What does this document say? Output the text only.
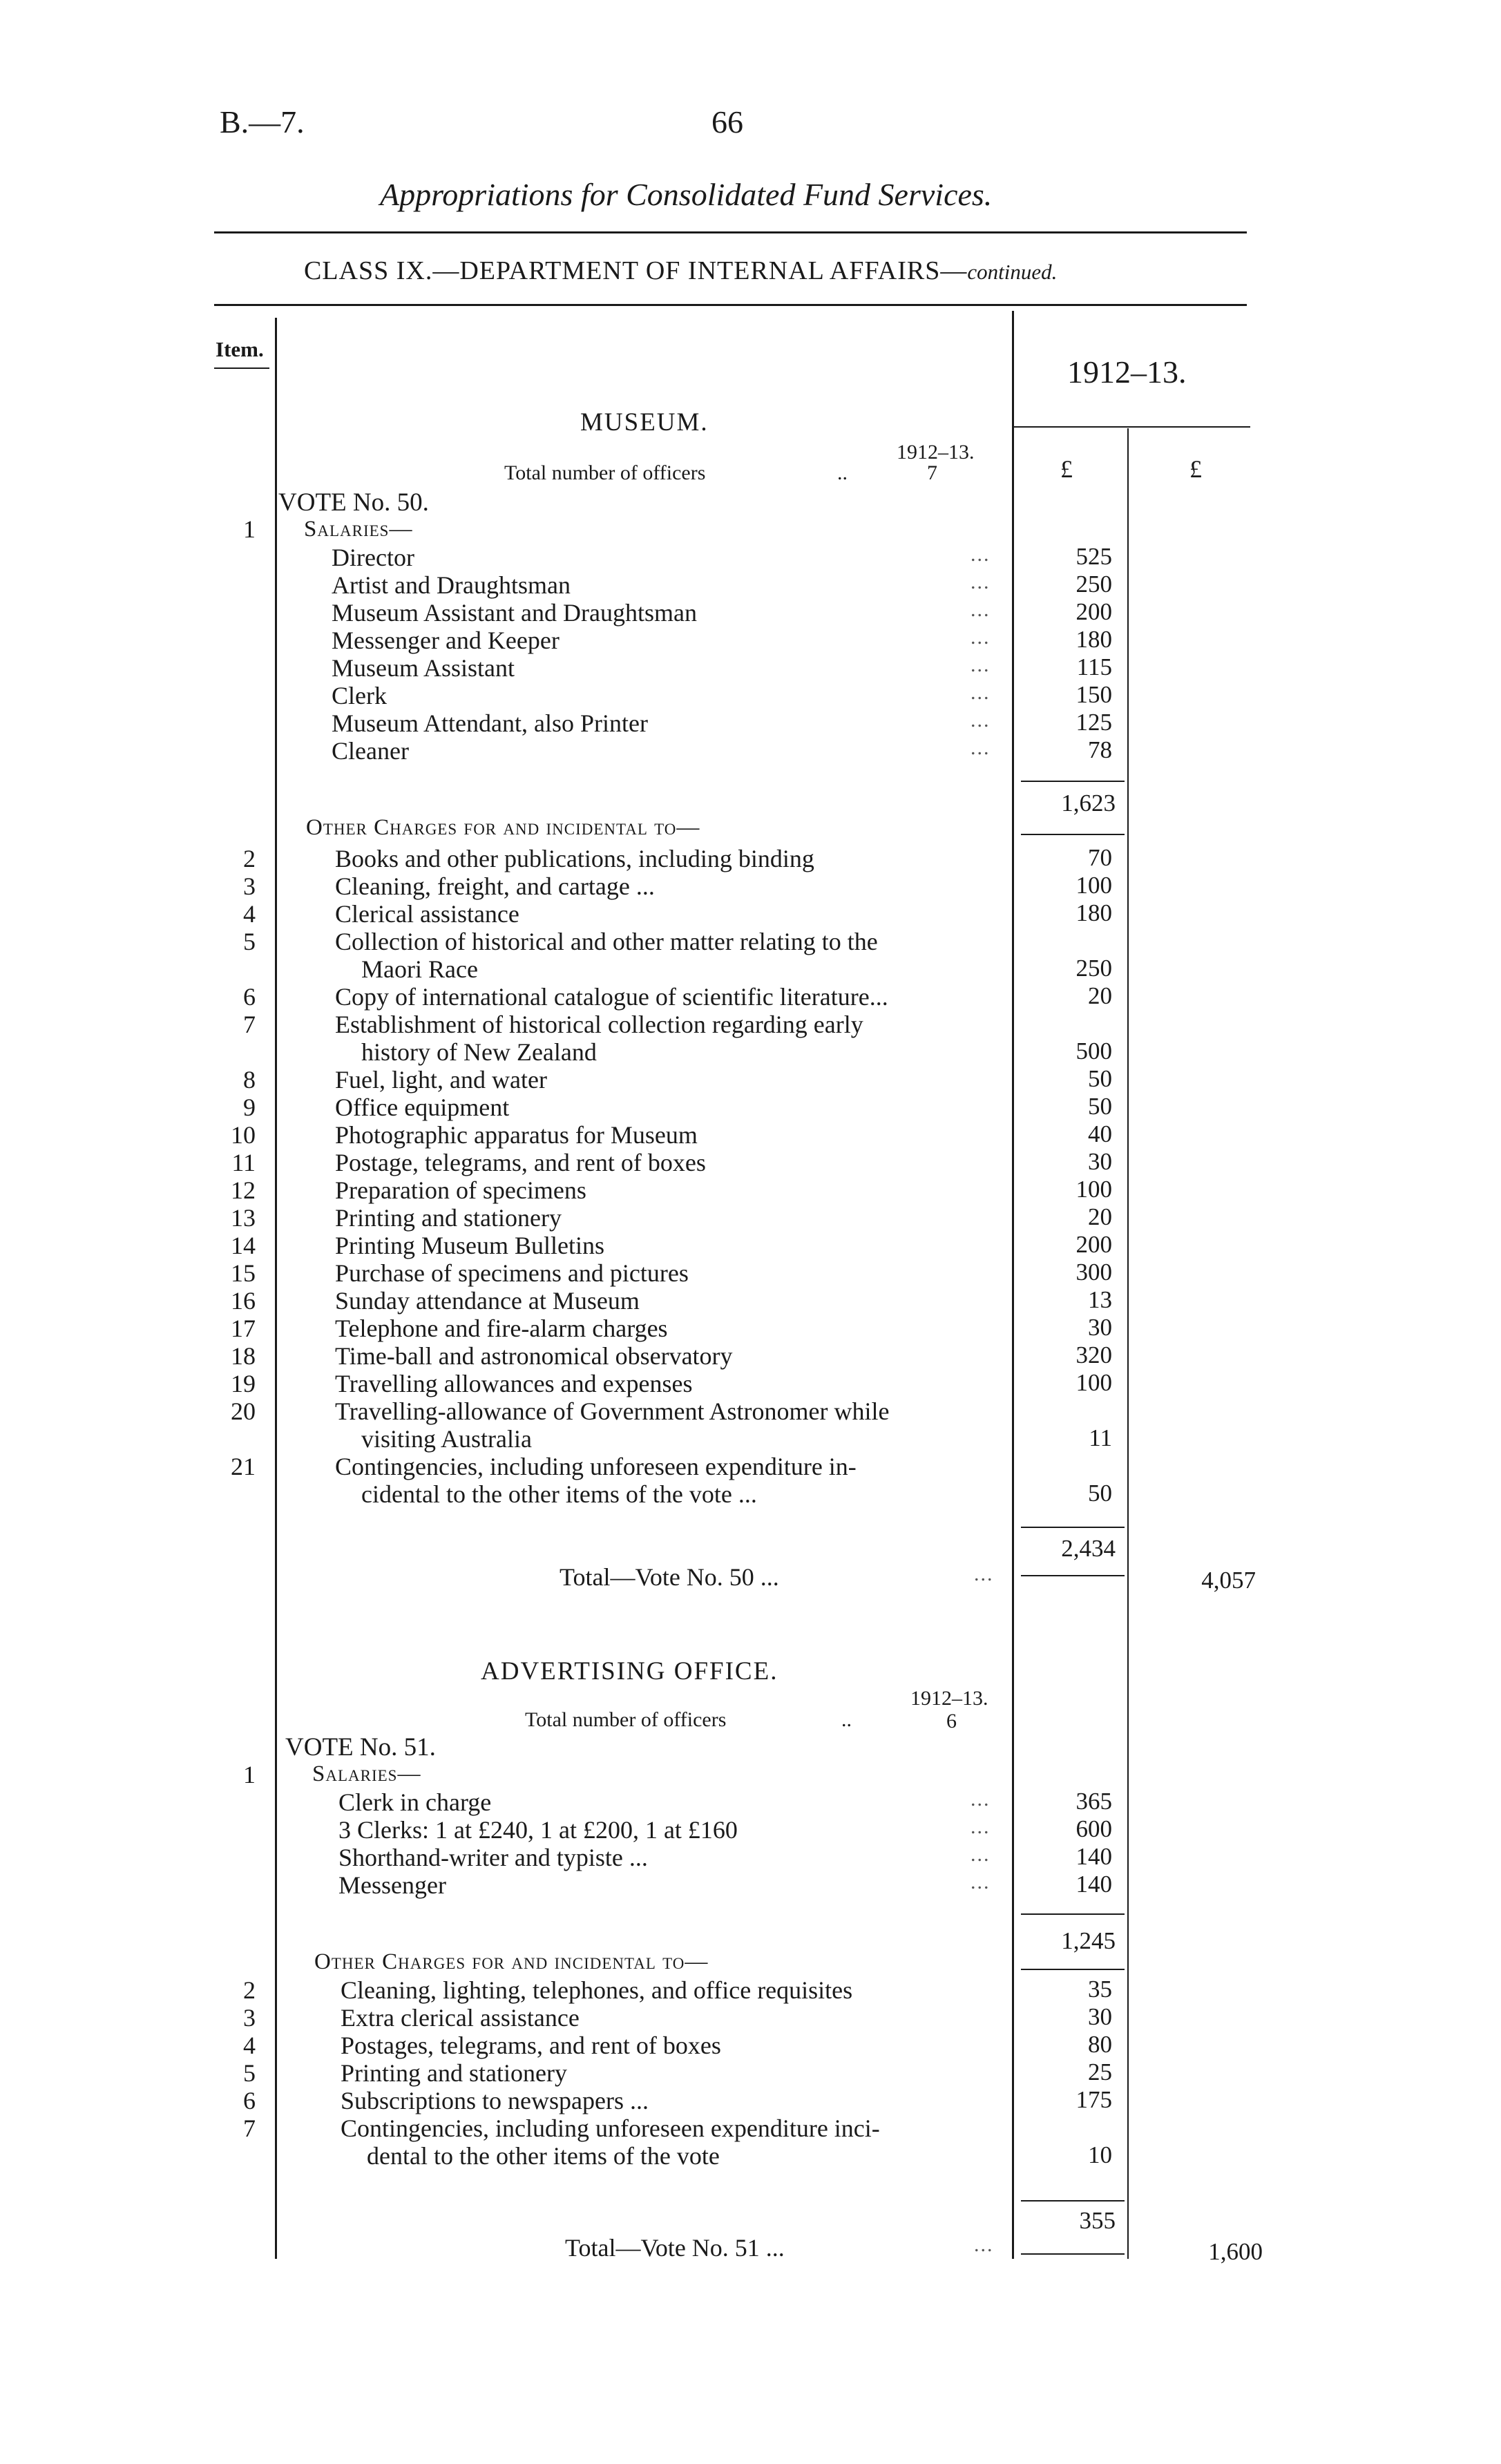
B.—7.	66
Appropriations for Consolidated Fund Services.
CLASS IX.—DEPARTMENT OF INTERNAL AFFAIRS—continued.
Item.
1912–13.
£	£
MUSEUM.
1912–13.
Total number of officers	..	7
VOTE No. 50.
1 Salaries—
Director	...	525
Artist and Draughtsman	...	250
Museum Assistant and Draughtsman	...	200
Messenger and Keeper	...	180
Museum Assistant	...	115
Clerk	...	150
Museum Attendant, also Printer	...	125
Cleaner	...	78
1,623
Other Charges for and incidental to—
2	Books and other publications, including binding	70
3	Cleaning, freight, and cartage ...	100
4	Clerical assistance	180
5	Collection of historical and other matter relating to the
Maori Race	250
6	Copy of international catalogue of scientific literature...	20
7	Establishment of historical collection regarding early
history of New Zealand	500
8	Fuel, light, and water	50
9	Office equipment	50
10	Photographic apparatus for Museum	40
11	Postage, telegrams, and rent of boxes	30
12	Preparation of specimens	100
13	Printing and stationery	20
14	Printing Museum Bulletins	200
15	Purchase of specimens and pictures	300
16	Sunday attendance at Museum	13
17	Telephone and fire-alarm charges	30
18	Time-ball and astronomical observatory	320
19	Travelling allowances and expenses	100
20	Travelling-allowance of Government Astronomer while
visiting Australia	11
21	Contingencies, including unforeseen expenditure in-
cidental to the other items of the vote ...	50
2,434
Total—Vote No. 50 ...	...	4,057
ADVERTISING OFFICE.
1912–13.
Total number of officers	..	6
VOTE No. 51.
1 Salaries—
Clerk in charge	...	365
3 Clerks: 1 at £240, 1 at £200, 1 at £160	...	600
Shorthand-writer and typiste ...	...	140
Messenger	...	140
1,245
Other Charges for and incidental to—
2	Cleaning, lighting, telephones, and office requisites	35
3	Extra clerical assistance	30
4	Postages, telegrams, and rent of boxes	80
5	Printing and stationery	25
6	Subscriptions to newspapers ...	175
7	Contingencies, including unforeseen expenditure inci-
dental to the other items of the vote	10
355
Total—Vote No. 51 ...	...	1,600
